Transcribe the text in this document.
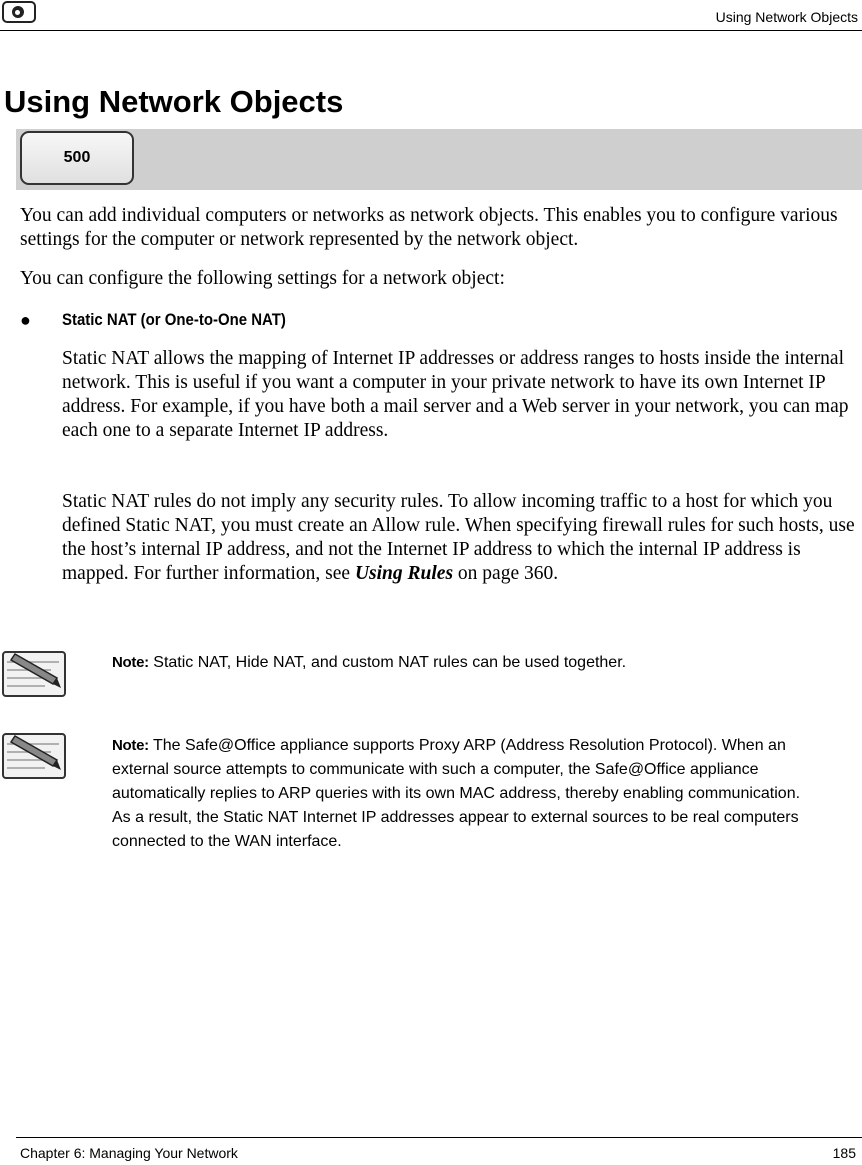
Using Network Objects
Using Network Objects
500

You can add individual computers or networks as network objects. This enables you to configure various settings for the computer or network represented by the network object.

You can configure the following settings for a network object:

● Static NAT (or One-to-One NAT)

Static NAT allows the mapping of Internet IP addresses or address ranges to hosts inside the internal network. This is useful if you want a computer in your private network to have its own Internet IP address. For example, if you have both a mail server and a Web server in your network, you can map each one to a separate Internet IP address.

Static NAT rules do not imply any security rules. To allow incoming traffic to a host for which you defined Static NAT, you must create an Allow rule. When specifying firewall rules for such hosts, use the host’s internal IP address, and not the Internet IP address to which the internal IP address is mapped. For further information, see Using Rules on page 360.

Note: Static NAT, Hide NAT, and custom NAT rules can be used together.

Note: The Safe@Office appliance supports Proxy ARP (Address Resolution Protocol). When an external source attempts to communicate with such a computer, the Safe@Office appliance automatically replies to ARP queries with its own MAC address, thereby enabling communication. As a result, the Static NAT Internet IP addresses appear to external sources to be real computers connected to the WAN interface.

Chapter 6: Managing Your Network	185
